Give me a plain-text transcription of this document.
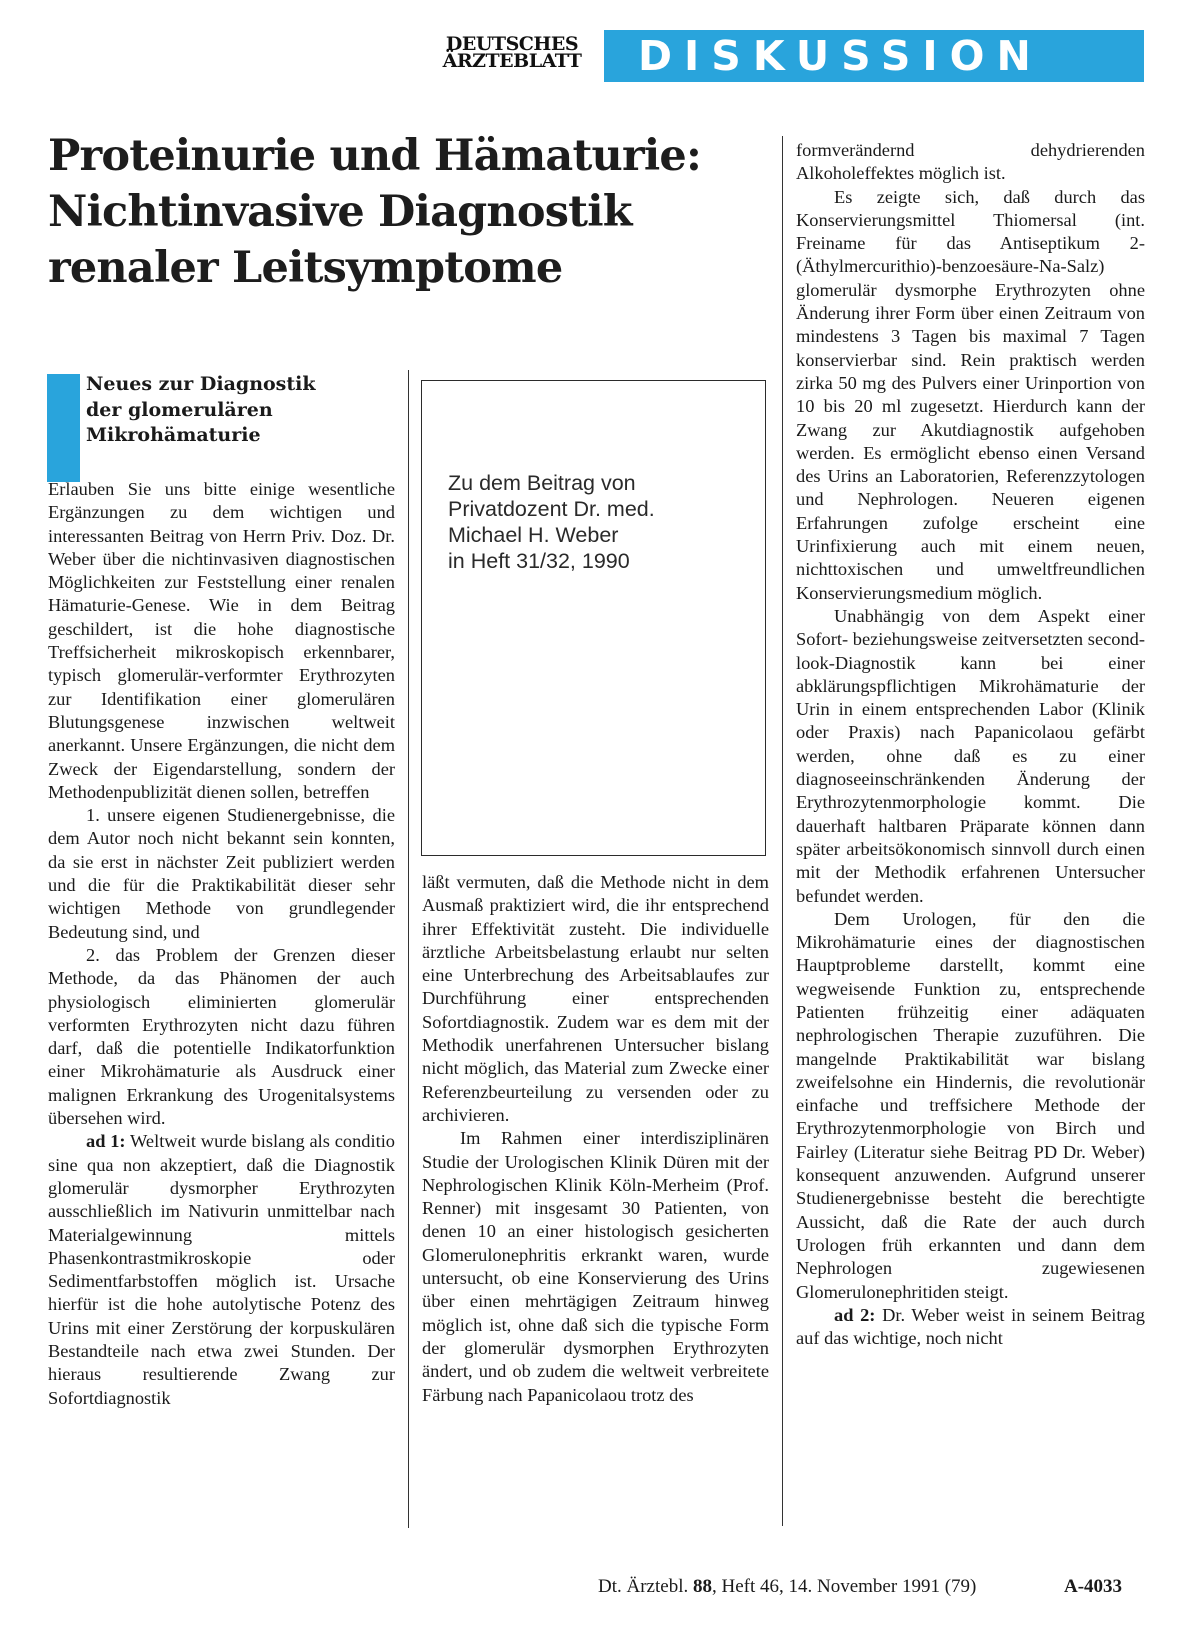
DEUTSCHES
ÄRZTEBLATT	DISKUSSION
Proteinurie und Hämaturie:
Nichtinvasive Diagnostik
renaler Leitsymptome
Neues zur Diagnostik
der glomerulären
Mikrohämaturie
Zu dem Beitrag von
Privatdozent Dr. med.
Michael H. Weber
in Heft 31/32, 1990

Erlauben Sie uns bitte einige wesentliche Ergänzungen zu dem wichtigen und interessanten Beitrag von Herrn Priv. Doz. Dr. Weber über die nichtinvasiven diagnostischen Möglichkeiten zur Feststellung einer renalen Hämaturie-Genese. Wie in dem Beitrag geschildert, ist die hohe diagnostische Treffsicherheit mikroskopisch erkennbarer, typisch glomerulär-verformter Erythrozyten zur Identifikation einer glomerulären Blutungsgenese inzwischen weltweit anerkannt. Unsere Ergänzungen, die nicht dem Zweck der Eigendarstellung, sondern der Methodenpublizität dienen sollen, betreffen

1. unsere eigenen Studienergebnisse, die dem Autor noch nicht bekannt sein konnten, da sie erst in nächster Zeit publiziert werden und die für die Praktikabilität dieser sehr wichtigen Methode von grundlegender Bedeutung sind, und

2. das Problem der Grenzen dieser Methode, da das Phänomen der auch physiologisch eliminierten glomerulär verformten Erythrozyten nicht dazu führen darf, daß die potentielle Indikatorfunktion einer Mikrohämaturie als Ausdruck einer malignen Erkrankung des Urogenitalsystems übersehen wird.

ad 1: Weltweit wurde bislang als conditio sine qua non akzeptiert, daß die Diagnostik glomerulär dysmorpher Erythrozyten ausschließlich im Nativurin unmittelbar nach Materialgewinnung mittels Phasenkontrastmikroskopie oder Sedimentfarbstoffen möglich ist. Ursache hierfür ist die hohe autolytische Potenz des Urins mit einer Zerstörung der korpuskulären Bestandteile nach etwa zwei Stunden. Der hieraus resultierende Zwang zur Sofortdiagnostik

läßt vermuten, daß die Methode nicht in dem Ausmaß praktiziert wird, die ihr entsprechend ihrer Effektivität zusteht. Die individuelle ärztliche Arbeitsbelastung erlaubt nur selten eine Unterbrechung des Arbeitsablaufes zur Durchführung einer entsprechenden Sofortdiagnostik. Zudem war es dem mit der Methodik unerfahrenen Untersucher bislang nicht möglich, das Material zum Zwecke einer Referenzbeurteilung zu versenden oder zu archivieren.

Im Rahmen einer interdisziplinären Studie der Urologischen Klinik Düren mit der Nephrologischen Klinik Köln-Merheim (Prof. Renner) mit insgesamt 30 Patienten, von denen 10 an einer histologisch gesicherten Glomerulonephritis erkrankt waren, wurde untersucht, ob eine Konservierung des Urins über einen mehrtägigen Zeitraum hinweg möglich ist, ohne daß sich die typische Form der glomerulär dysmorphen Erythrozyten ändert, und ob zudem die weltweit verbreitete Färbung nach Papanicolaou trotz des

formverändernd dehydrierenden Alkoholeffektes möglich ist.

Es zeigte sich, daß durch das Konservierungsmittel Thiomersal (int. Freiname für das Antiseptikum 2-(Äthylmercurithio)-benzoesäure-Na-Salz) glomerulär dysmorphe Erythrozyten ohne Änderung ihrer Form über einen Zeitraum von mindestens 3 Tagen bis maximal 7 Tagen konservierbar sind. Rein praktisch werden zirka 50 mg des Pulvers einer Urinportion von 10 bis 20 ml zugesetzt. Hierdurch kann der Zwang zur Akutdiagnostik aufgehoben werden. Es ermöglicht ebenso einen Versand des Urins an Laboratorien, Referenzzytologen und Nephrologen. Neueren eigenen Erfahrungen zufolge erscheint eine Urinfixierung auch mit einem neuen, nichttoxischen und umweltfreundlichen Konservierungsmedium möglich.

Unabhängig von dem Aspekt einer Sofort- beziehungsweise zeitversetzten second-look-Diagnostik kann bei einer abklärungspflichtigen Mikrohämaturie der Urin in einem entsprechenden Labor (Klinik oder Praxis) nach Papanicolaou gefärbt werden, ohne daß es zu einer diagnoseeinschränkenden Änderung der Erythrozytenmorphologie kommt. Die dauerhaft haltbaren Präparate können dann später arbeitsökonomisch sinnvoll durch einen mit der Methodik erfahrenen Untersucher befundet werden.

Dem Urologen, für den die Mikrohämaturie eines der diagnostischen Hauptprobleme darstellt, kommt eine wegweisende Funktion zu, entsprechende Patienten frühzeitig einer adäquaten nephrologischen Therapie zuzuführen. Die mangelnde Praktikabilität war bislang zweifelsohne ein Hindernis, die revolutionär einfache und treffsichere Methode der Erythrozytenmorphologie von Birch und Fairley (Literatur siehe Beitrag PD Dr. Weber) konsequent anzuwenden. Aufgrund unserer Studienergebnisse besteht die berechtigte Aussicht, daß die Rate der auch durch Urologen früh erkannten und dann dem Nephrologen zugewiesenen Glomerulonephritiden steigt.

ad 2: Dr. Weber weist in seinem Beitrag auf das wichtige, noch nicht

Dt. Ärztebl. 88, Heft 46, 14. November 1991 (79)	A-4033
